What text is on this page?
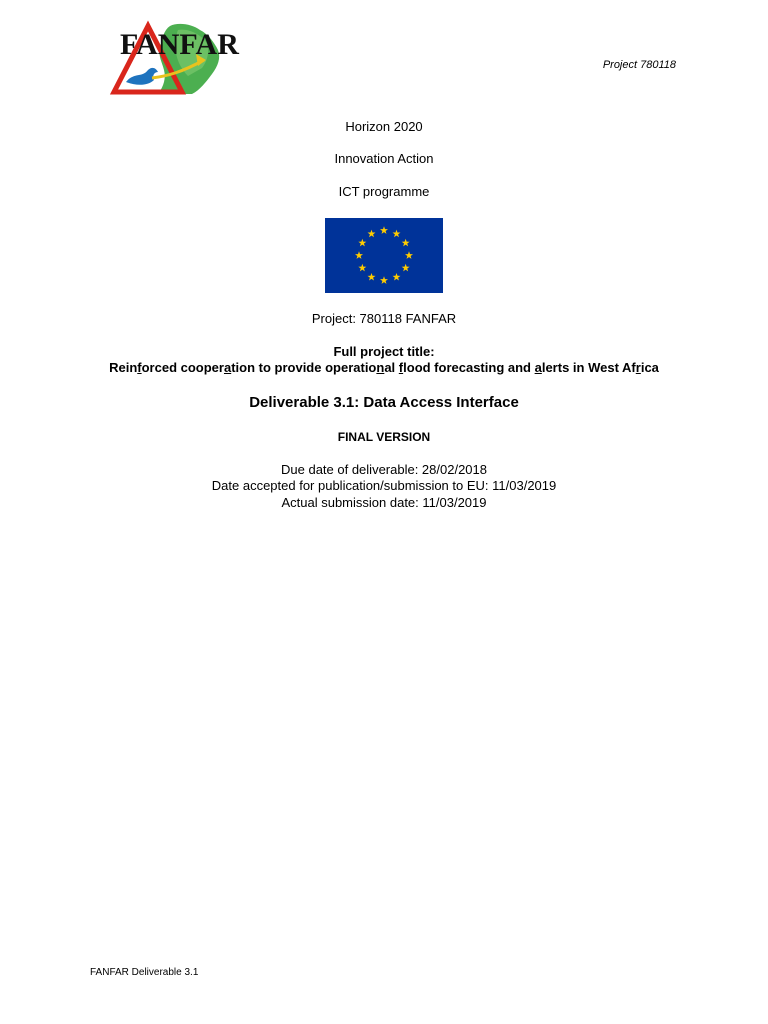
FANFAR
Project 780118
Horizon 2020
Innovation Action
ICT programme
Project: 780118 FANFAR
Full project title:
Reinforced cooperation to provide operational flood forecasting and alerts in West Africa
Deliverable 3.1: Data Access Interface
FINAL VERSION
Due date of deliverable: 28/02/2018
Date accepted for publication/submission to EU: 11/03/2019
Actual submission date: 11/03/2019
FANFAR Deliverable 3.1
